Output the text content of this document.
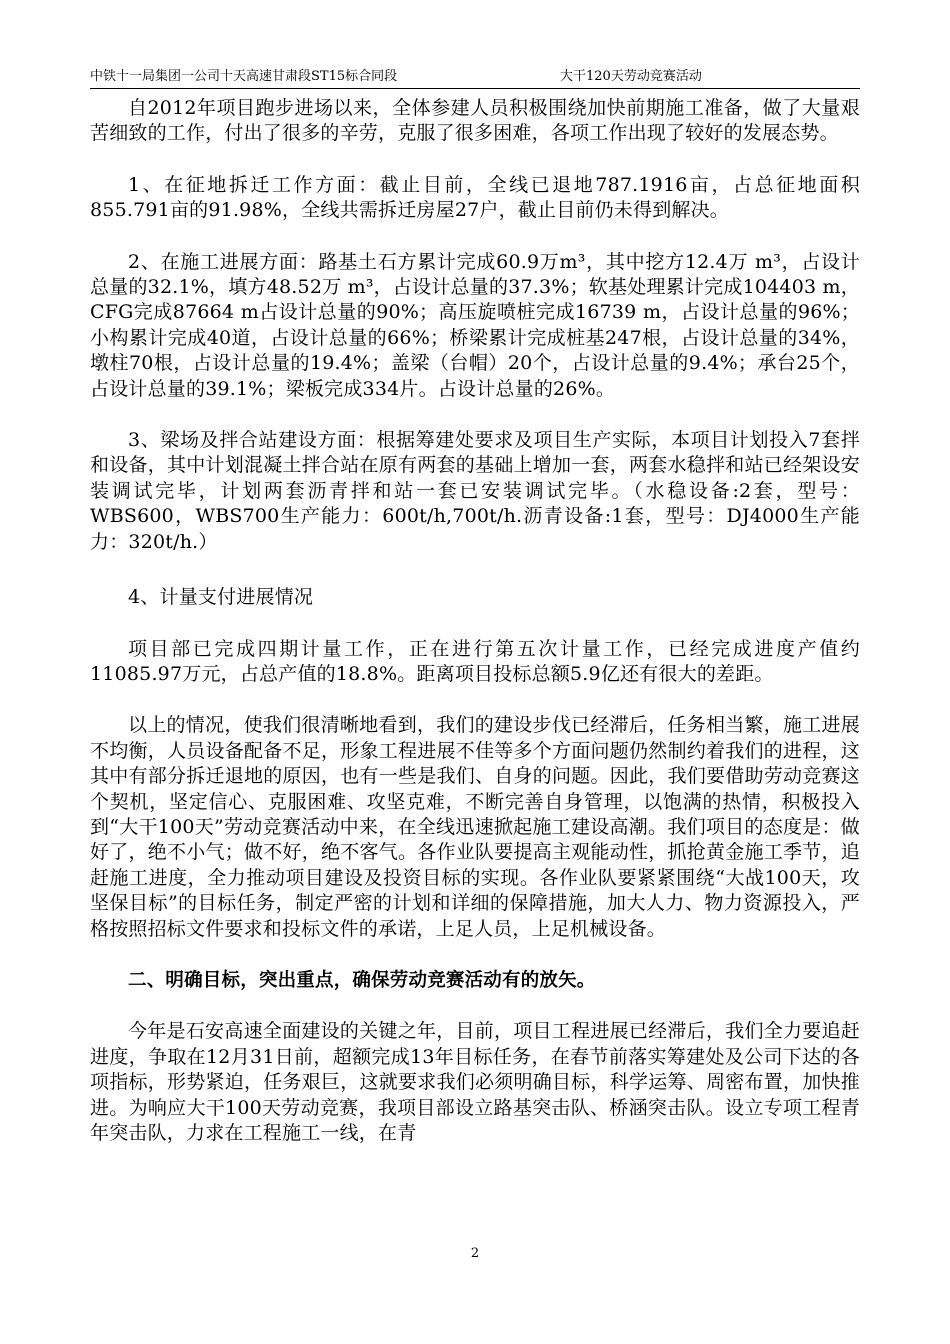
中铁十一局集团一公司十天高速甘肃段ST15标合同段	大干120天劳动竞赛活动

自2012年项目跑步进场以来，全体参建人员积极围绕加快前期施工准备，做了大量艰苦细致的工作，付出了很多的辛劳，克服了很多困难，各项工作出现了较好的发展态势。

1、在征地拆迁工作方面：截止目前，全线已退地787.1916亩，占总征地面积855.791亩的91.98%，全线共需拆迁房屋27户，截止目前仍未得到解决。

2、在施工进展方面：路基土石方累计完成60.9万m³，其中挖方12.4万 m³，占设计总量的32.1%，填方48.52万 m³，占设计总量的37.3%；软基处理累计完成104403 m，CFG完成87664 m占设计总量的90%；高压旋喷桩完成16739 m，占设计总量的96%；小构累计完成40道，占设计总量的66%；桥梁累计完成桩基247根，占设计总量的34%，墩柱70根，占设计总量的19.4%；盖梁（台帽）20个，占设计总量的9.4%；承台25个，占设计总量的39.1%；梁板完成334片。占设计总量的26%。

3、梁场及拌合站建设方面：根据筹建处要求及项目生产实际，本项目计划投入7套拌和设备，其中计划混凝土拌合站在原有两套的基础上增加一套，两套水稳拌和站已经架设安装调试完毕，计划两套沥青拌和站一套已安装调试完毕。（水稳设备:2套，型号：WBS600，WBS700生产能力：600t/h,700t/h.沥青设备:1套，型号：DJ4000生产能力：320t/h.）

4、计量支付进展情况

项目部已完成四期计量工作，正在进行第五次计量工作，已经完成进度产值约11085.97万元，占总产值的18.8%。距离项目投标总额5.9亿还有很大的差距。

以上的情况，使我们很清晰地看到，我们的建设步伐已经滞后，任务相当繁，施工进展不均衡，人员设备配备不足，形象工程进展不佳等多个方面问题仍然制约着我们的进程，这其中有部分拆迁退地的原因，也有一些是我们、自身的问题。因此，我们要借助劳动竞赛这个契机，坚定信心、克服困难、攻坚克难，不断完善自身管理，以饱满的热情，积极投入到“大干100天”劳动竞赛活动中来，在全线迅速掀起施工建设高潮。我们项目的态度是：做好了，绝不小气；做不好，绝不客气。各作业队要提高主观能动性，抓抢黄金施工季节，追赶施工进度，全力推动项目建设及投资目标的实现。各作业队要紧紧围绕“大战100天，攻坚保目标”的目标任务，制定严密的计划和详细的保障措施，加大人力、物力资源投入，严格按照招标文件要求和投标文件的承诺，上足人员，上足机械设备。

二、明确目标，突出重点，确保劳动竞赛活动有的放矢。

今年是石安高速全面建设的关键之年，目前，项目工程进展已经滞后，我们全力要追赶进度，争取在12月31日前，超额完成13年目标任务，在春节前落实筹建处及公司下达的各项指标，形势紧迫，任务艰巨，这就要求我们必须明确目标，科学运筹、周密布置，加快推进。为响应大干100天劳动竞赛，我项目部设立路基突击队、桥涵突击队。设立专项工程青年突击队，力求在工程施工一线，在青

2
